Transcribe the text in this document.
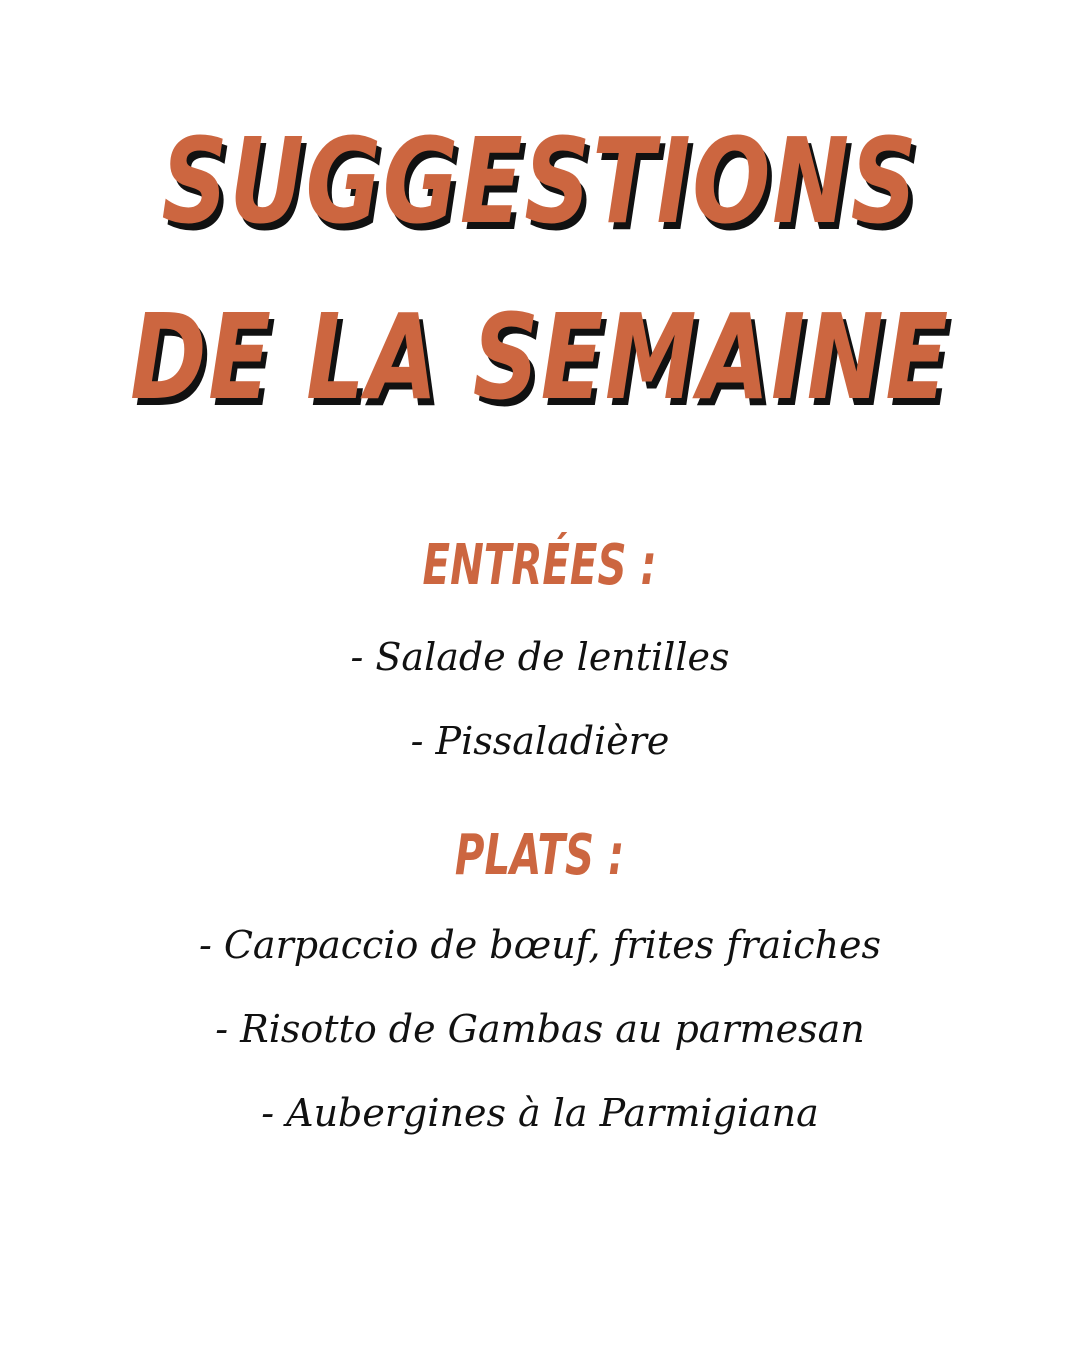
SUGGESTIONS
DE LA SEMAINE
ENTRÉES :
- Salade de lentilles
- Pissaladière
PLATS :
- Carpaccio de bœuf, frites fraiches
- Risotto de Gambas au parmesan
- Aubergines à la Parmigiana
